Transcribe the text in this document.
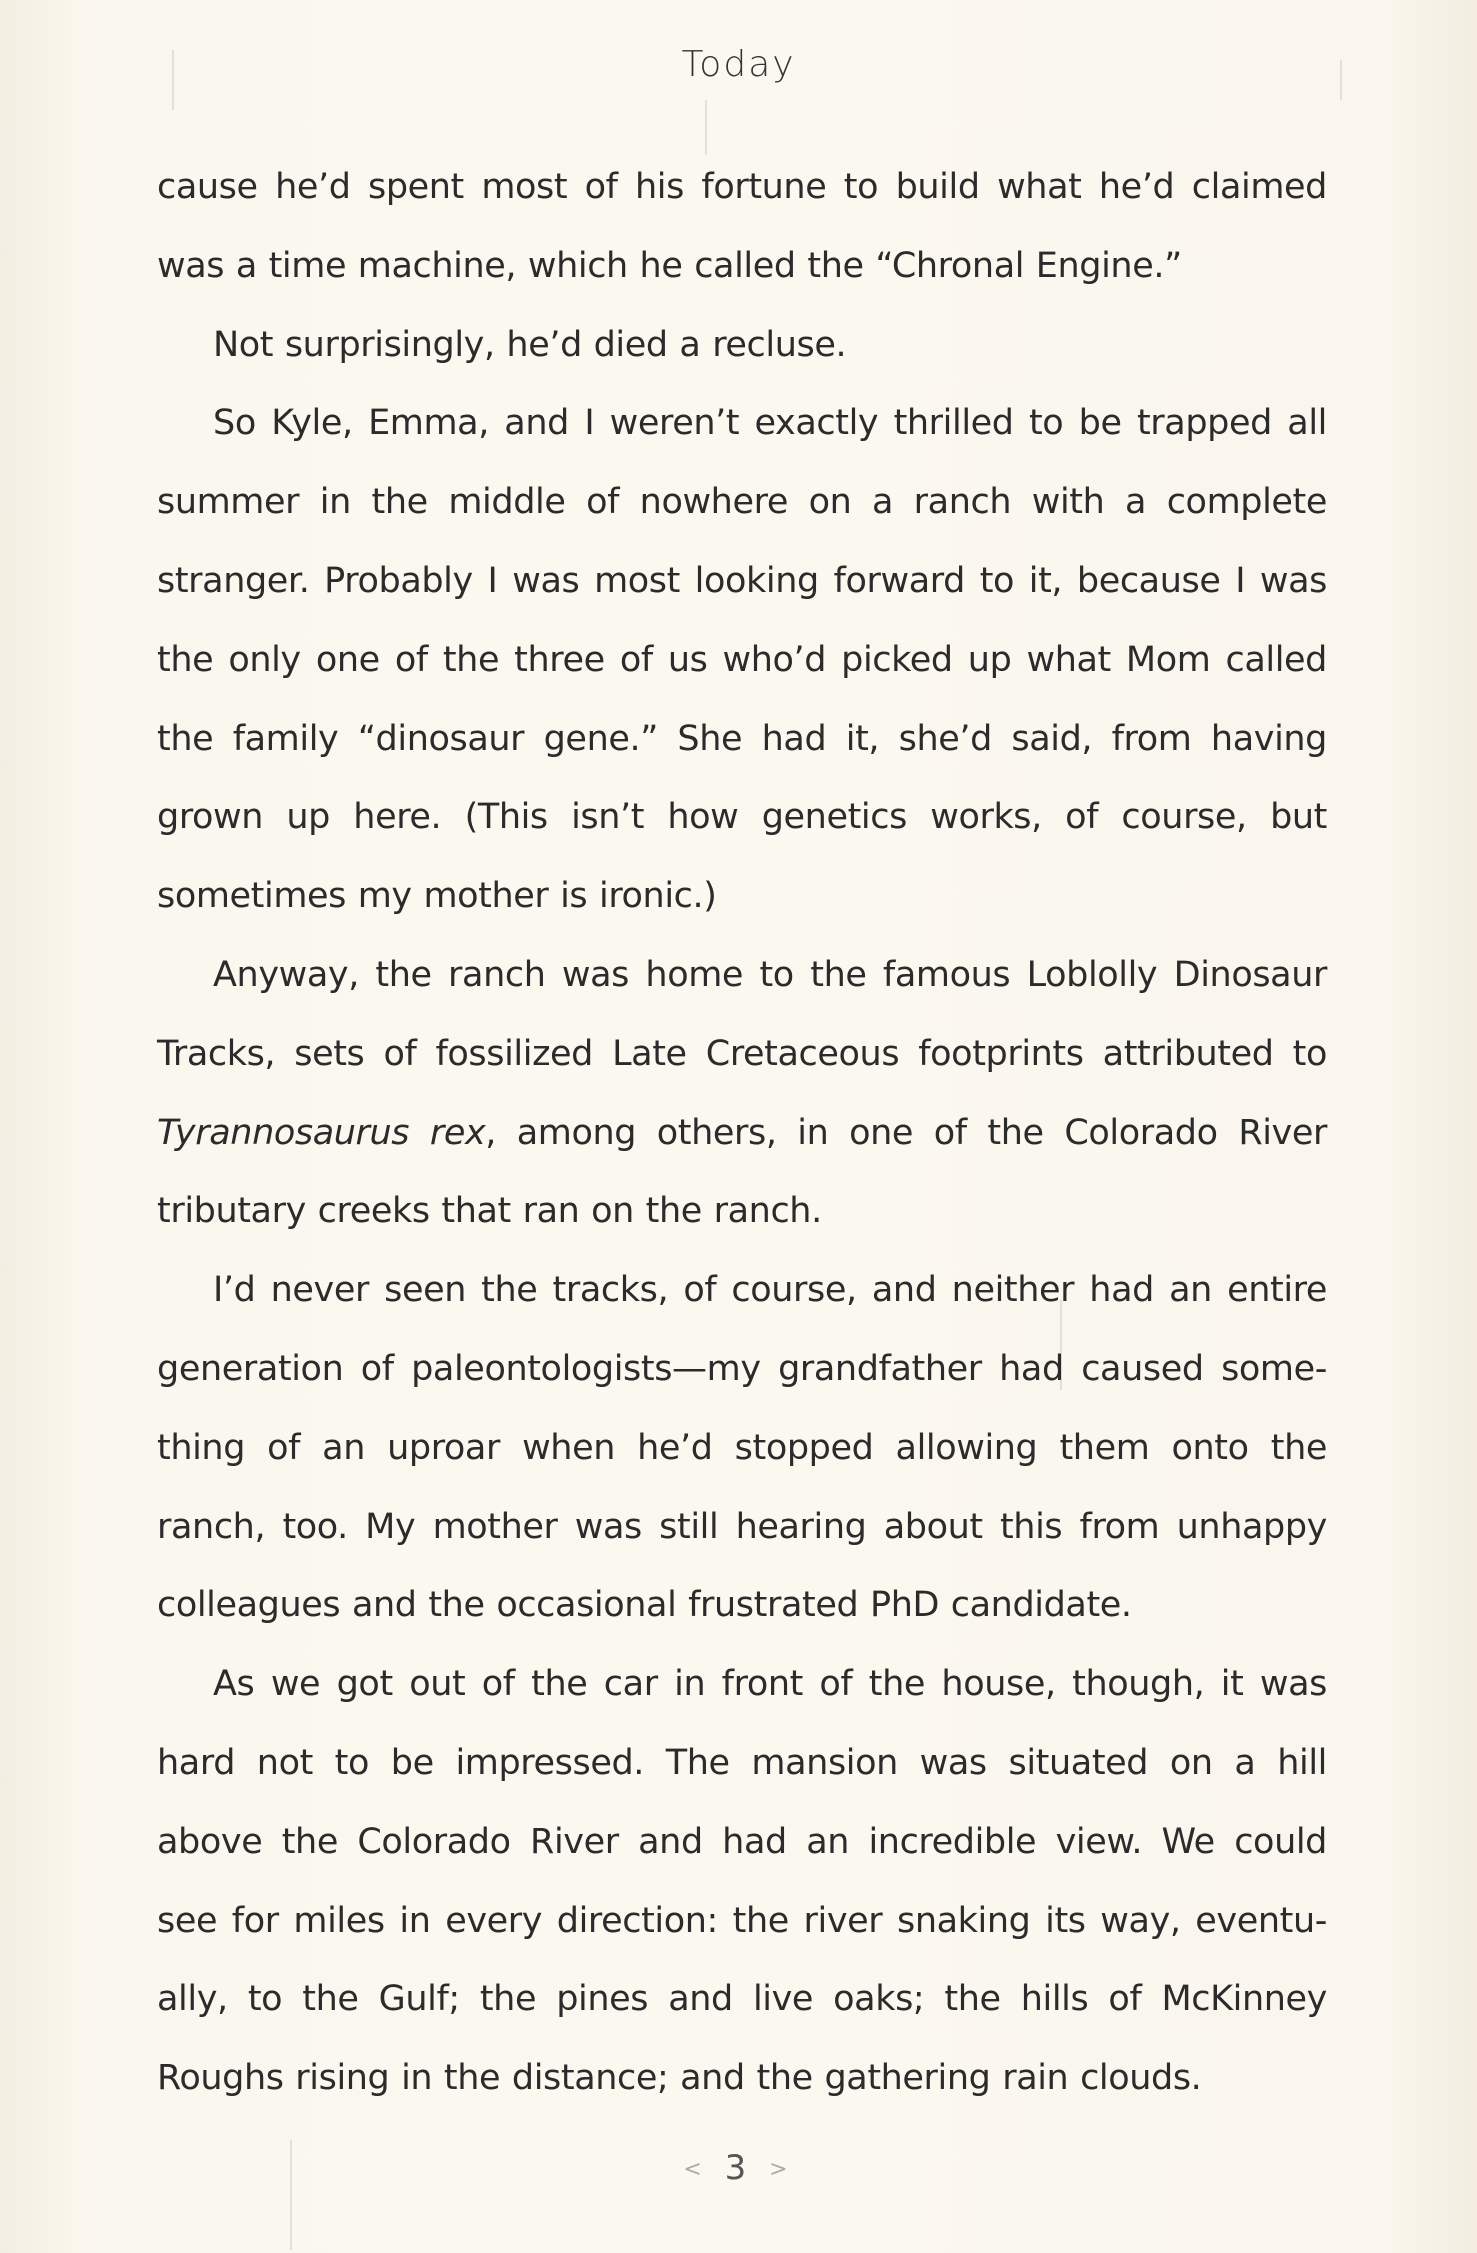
Today
cause he’d spent most of his fortune to build what he’d claimed
was a time machine, which he called the “Chronal Engine.”
Not surprisingly, he’d died a recluse.
So Kyle, Emma, and I weren’t exactly thrilled to be trapped all
summer in the middle of nowhere on a ranch with a complete
stranger. Probably I was most looking forward to it, because I was
the only one of the three of us who’d picked up what Mom called
the family “dinosaur gene.” She had it, she’d said, from having
grown up here. (This isn’t how genetics works, of course, but
sometimes my mother is ironic.)
Anyway, the ranch was home to the famous Loblolly Dinosaur
Tracks, sets of fossilized Late Cretaceous footprints attributed to
Tyrannosaurus rex, among others, in one of the Colorado River
tributary creeks that ran on the ranch.
I’d never seen the tracks, of course, and neither had an entire
generation of paleontologists—my grandfather had caused some-
thing of an uproar when he’d stopped allowing them onto the
ranch, too. My mother was still hearing about this from unhappy
colleagues and the occasional frustrated PhD candidate.
As we got out of the car in front of the house, though, it was
hard not to be impressed. The mansion was situated on a hill
above the Colorado River and had an incredible view. We could
see for miles in every direction: the river snaking its way, eventu-
ally, to the Gulf; the pines and live oaks; the hills of McKinney
Roughs rising in the distance; and the gathering rain clouds.
< 3 >
